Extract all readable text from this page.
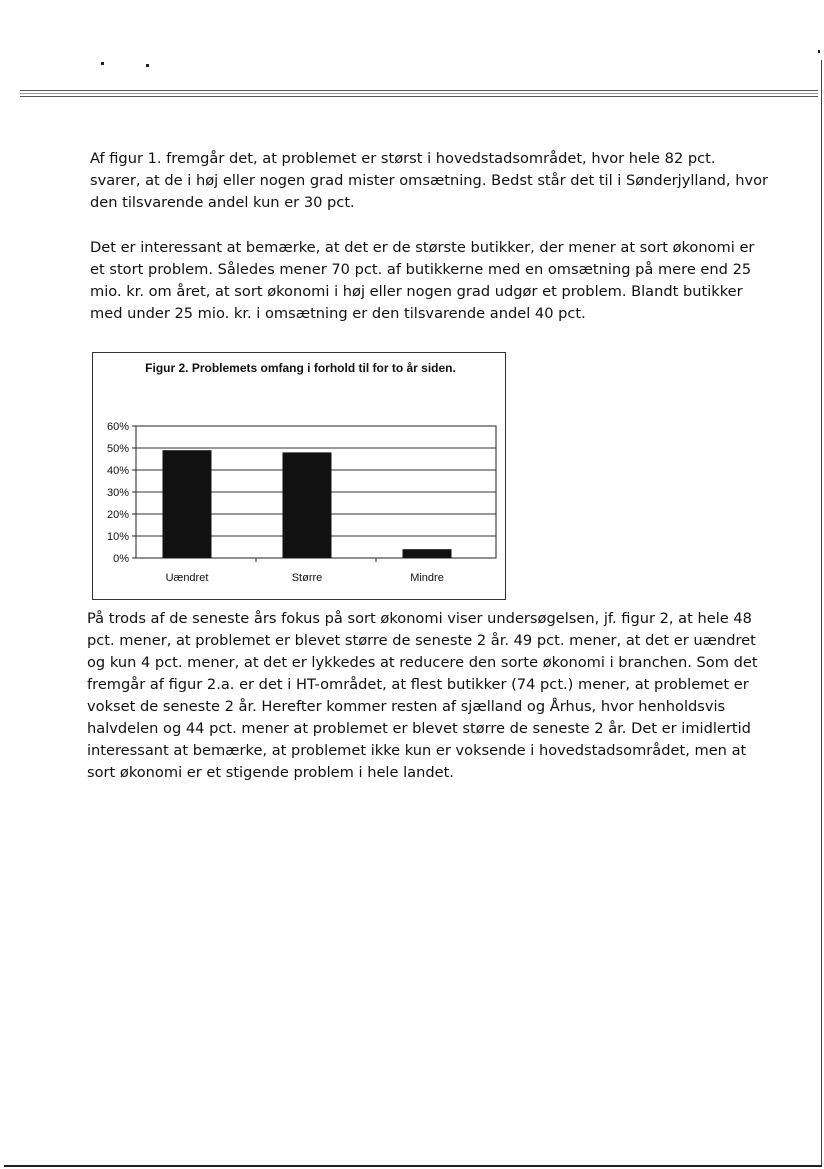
Af figur 1. fremgår det, at problemet er størst i hovedstadsområdet, hvor hele 82 pct. svarer, at de i høj eller nogen grad mister omsætning. Bedst står det til i Sønderjylland, hvor den tilsvarende andel kun er 30 pct.

Det er interessant at bemærke, at det er de største butikker, der mener at sort økonomi er et stort problem. Således mener 70 pct. af butikkerne med en omsætning på mere end 25 mio. kr. om året, at sort økonomi i høj eller nogen grad udgør et problem. Blandt butikker med under 25 mio. kr. i omsætning er den tilsvarende andel 40 pct.

Figur 2. Problemets omfang i forhold til for to år siden.
0%
10%
20%
30%
40%
50%
60%
Uændret	Større	Mindre

På trods af de seneste års fokus på sort økonomi viser undersøgelsen, jf. figur 2, at hele 48 pct. mener, at problemet er blevet større de seneste 2 år. 49 pct. mener, at det er uændret og kun 4 pct. mener, at det er lykkedes at reducere den sorte økonomi i branchen. Som det fremgår af figur 2.a. er det i HT-området, at flest butikker (74 pct.) mener, at problemet er vokset de seneste 2 år. Herefter kommer resten af sjælland og Århus, hvor henholdsvis halvdelen og 44 pct. mener at problemet er blevet større de seneste 2 år. Det er imidlertid interessant at bemærke, at problemet ikke kun er voksende i hovedstadsområdet, men at sort økonomi er et stigende problem i hele landet.
